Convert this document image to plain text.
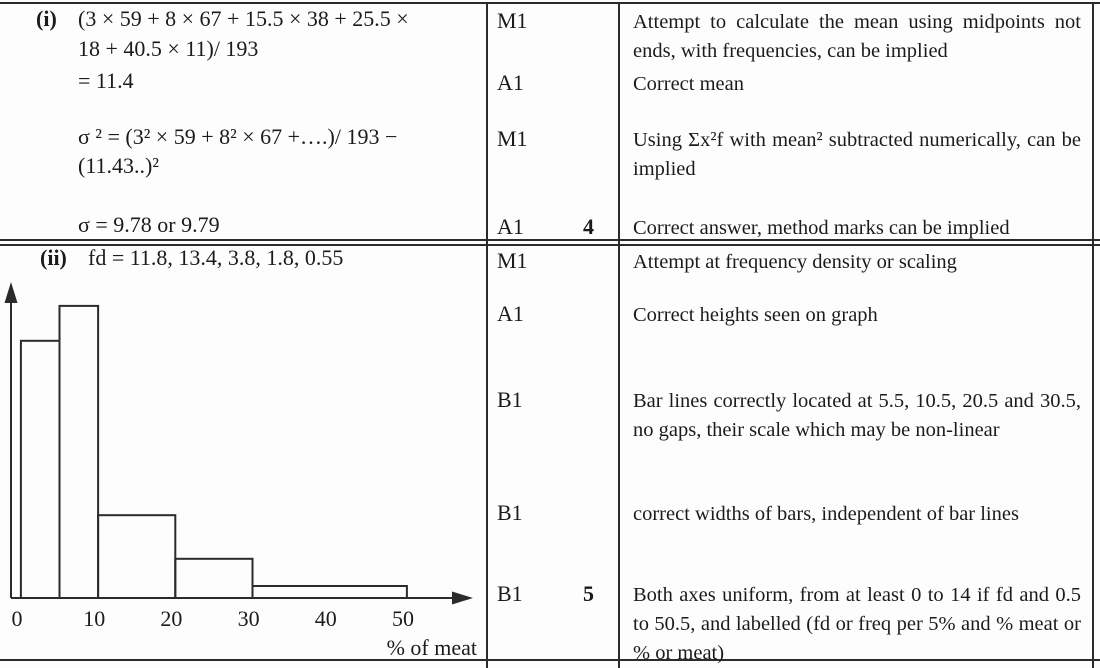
(i) (3 × 59 + 8 × 67 + 15.5 × 38 + 25.5 ×
18 + 40.5 × 11)/ 193
= 11.4
σ ² = (3² × 59 + 8² × 67 +….)/ 193 −
(11.43..)²
σ = 9.78 or 9.79
M1	Attempt to calculate the mean using midpoints not ends, with frequencies, can be implied
A1	Correct mean
M1	Using Σx²f with mean² subtracted numerically, can be implied
A1	4 Correct answer, method marks can be implied
(ii) fd = 11.8, 13.4, 3.8, 1.8, 0.55
0	10	20	30	40	50
% of meat
M1	Attempt at frequency density or scaling
A1	Correct heights seen on graph
B1	Bar lines correctly located at 5.5, 10.5, 20.5 and 30.5, no gaps, their scale which may be non-linear
B1	correct widths of bars, independent of bar lines
B1	5 Both axes uniform, from at least 0 to 14 if fd and 0.5 to 50.5, and labelled (fd or freq per 5% and % meat or % or meat)
